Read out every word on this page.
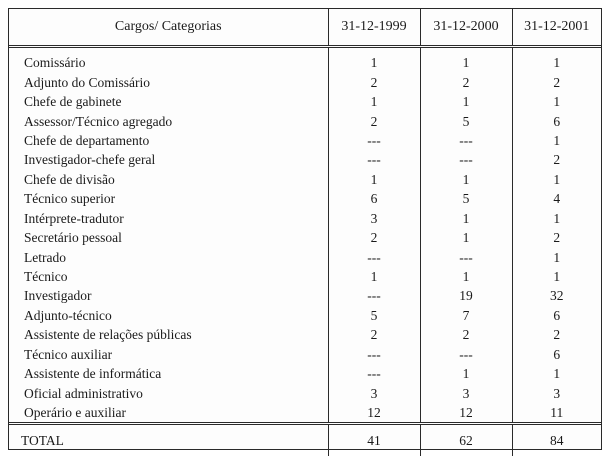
Cargos/ Categorias	31-12-1999	31-12-2000	31-12-2001
Comissário	1	1	1
Adjunto do Comissário	2	2	2
Chefe de gabinete	1	1	1
Assessor/Técnico agregado	2	5	6
Chefe de departamento	---	---	1
Investigador-chefe geral	---	---	2
Chefe de divisão	1	1	1
Técnico superior	6	5	4
Intérprete-tradutor	3	1	1
Secretário pessoal	2	1	2
Letrado	---	---	1
Técnico	1	1	1
Investigador	---	19	32
Adjunto-técnico	5	7	6
Assistente de relações públicas	2	2	2
Técnico auxiliar	---	---	6
Assistente de informática	---	1	1
Oficial administrativo	3	3	3
Operário e auxiliar	12	12	11
TOTAL	41	62	84
